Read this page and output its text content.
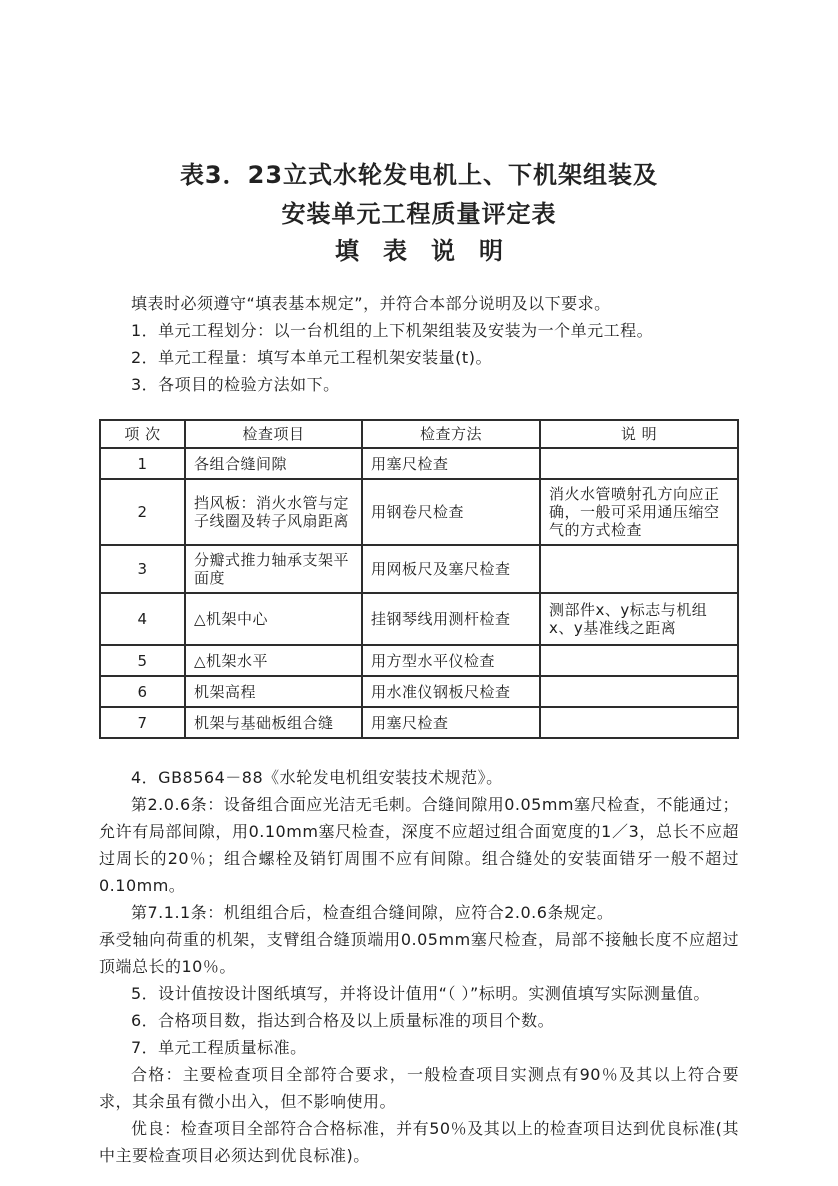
表3．23立式水轮发电机上、下机架组装及
安装单元工程质量评定表
填　表　说　明

填表时必须遵守“填表基本规定”，并符合本部分说明及以下要求。

1．单元工程划分：以一台机组的上下机架组装及安装为一个单元工程。

2．单元工程量：填写本单元工程机架安装量(t)。

3．各项目的检验方法如下。

项 次	检查项目	检查方法	说 明
1	各组合缝间隙	用塞尺检查	
2	挡风板：消火水管与定子线圈及转子风扇距离	用钢卷尺检查	消火水管喷射孔方向应正确，一般可采用通压缩空气的方式检查
3	分瓣式推力轴承支架平面度	用网板尺及塞尺检查	
4	△机架中心	挂钢琴线用测杆检查	测部件x、y标志与机组x、y基准线之距离
5	△机架水平	用方型水平仪检查	
6	机架高程	用水准仪钢板尺检查	
7	机架与基础板组合缝	用塞尺检查	

4．GB8564－88《水轮发电机组安装技术规范》。

第2.0.6条：设备组合面应光洁无毛刺。合缝间隙用0.05mm塞尺检查，不能通过；允许有局部间隙，用0.10mm塞尺检查，深度不应超过组合面宽度的1／3，总长不应超过周长的20％；组合螺栓及销钉周围不应有间隙。组合缝处的安装面错牙一般不超过0.10mm。

第7.1.1条：机组组合后，检查组合缝间隙，应符合2.0.6条规定。

承受轴向荷重的机架，支臂组合缝顶端用0.05mm塞尺检查，局部不接触长度不应超过顶端总长的10％。

5．设计值按设计图纸填写，并将设计值用“（ ）”标明。实测值填写实际测量值。

6．合格项目数，指达到合格及以上质量标准的项目个数。

7．单元工程质量标准。

合格：主要检查项目全部符合要求，一般检查项目实测点有90％及其以上符合要求，其余虽有微小出入，但不影响使用。

优良：检查项目全部符合合格标准，并有50％及其以上的检查项目达到优良标准(其中主要检查项目必须达到优良标准)。
